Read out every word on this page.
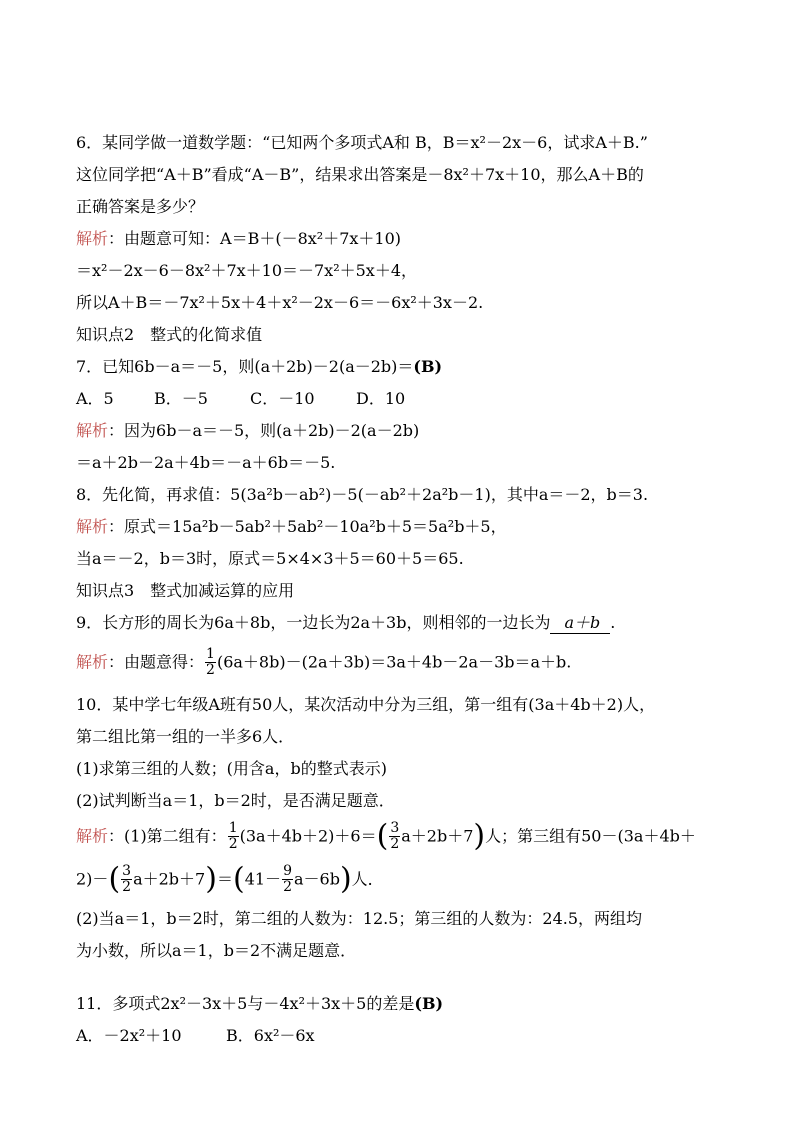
6．某同学做一道数学题：“已知两个多项式A和 B，B＝x²－2x－6，试求A＋B.”
这位同学把“A＋B”看成“A－B”，结果求出答案是－8x²＋7x＋10，那么A＋B的
正确答案是多少？
解析：由题意可知：A＝B＋(－8x²＋7x＋10)
＝x²－2x－6－8x²＋7x＋10＝－7x²＋5x＋4，
所以A＋B＝－7x²＋5x＋4＋x²－2x－6＝－6x²＋3x－2.
知识点2　整式的化简求值
7．已知6b－a＝－5，则(a＋2b)－2(a－2b)＝(B)
A．5	B．－5	C．－10	D．10
解析：因为6b－a＝－5，则(a＋2b)－2(a－2b)
＝a＋2b－2a＋4b＝－a＋6b＝－5.
8．先化简，再求值：5(3a²b－ab²)－5(－ab²＋2a²b－1)，其中a＝－2，b＝3.
解析：原式＝15a²b－5ab²＋5ab²－10a²b＋5＝5a²b＋5，
当a＝－2，b＝3时，原式＝5×4×3＋5＝60＋5＝65.
知识点3　整式加减运算的应用
9．长方形的周长为6a＋8b，一边长为2a＋3b，则相邻的一边长为 a＋b .
解析：由题意得： $\frac{1}{2} (6a+8b)-(2a+3b)=3a+4b-2a-3b=a+b$.
10．某中学七年级A班有50人，某次活动中分为三组，第一组有(3a＋4b＋2)人，
第二组比第一组的一半多6人．
(1)求第三组的人数；(用含a，b的整式表示)
(2)试判断当a＝1，b＝2时，是否满足题意．
解析：(1)第二组有： $\frac{1}{2} (3a+4b+2)+6=( \frac{3}{2} a+2b+7)$人；第三组有50－(3a＋4b＋
$2)-( \frac{3}{2} a+2b+7)=(41- \frac{9}{2} a-6b)$人．
(2)当a＝1，b＝2时，第二组的人数为：12.5；第三组的人数为：24.5，两组均
为小数，所以a＝1，b＝2不满足题意．
11．多项式2x²－3x＋5与－4x²＋3x＋5的差是(B)
A．－2x²＋10	B．6x²－6x
